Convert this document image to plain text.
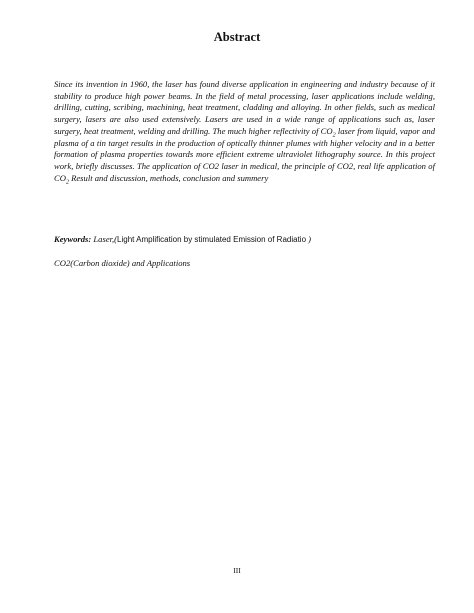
Abstract

Since its invention in 1960, the laser has found diverse application in engineering and industry because of it stability to produce high power beams. In the field of metal processing, laser applications include welding, drilling, cutting, scribing, machining, heat treatment, cladding and alloying. In other fields, such as medical surgery, lasers are also used extensively. Lasers are used in a wide range of applications such as, laser surgery, heat treatment, welding and drilling. The much higher reflectivity of $CO_2$ laser from liquid, vapor and plasma of a tin target results in the production of optically thinner plumes with higher velocity and in a better formation of plasma properties towards more efficient extreme ultraviolet lithography source. In this project work, briefly discusses. The application of CO2 laser in medical, the principle of CO2, real life application of $CO_2$ Result and discussion, methods, conclusion and summery

Keywords: Laser,(Light Amplification by stimulated Emission of Radiatio )

CO2(Carbon dioxide) and Applications

III
